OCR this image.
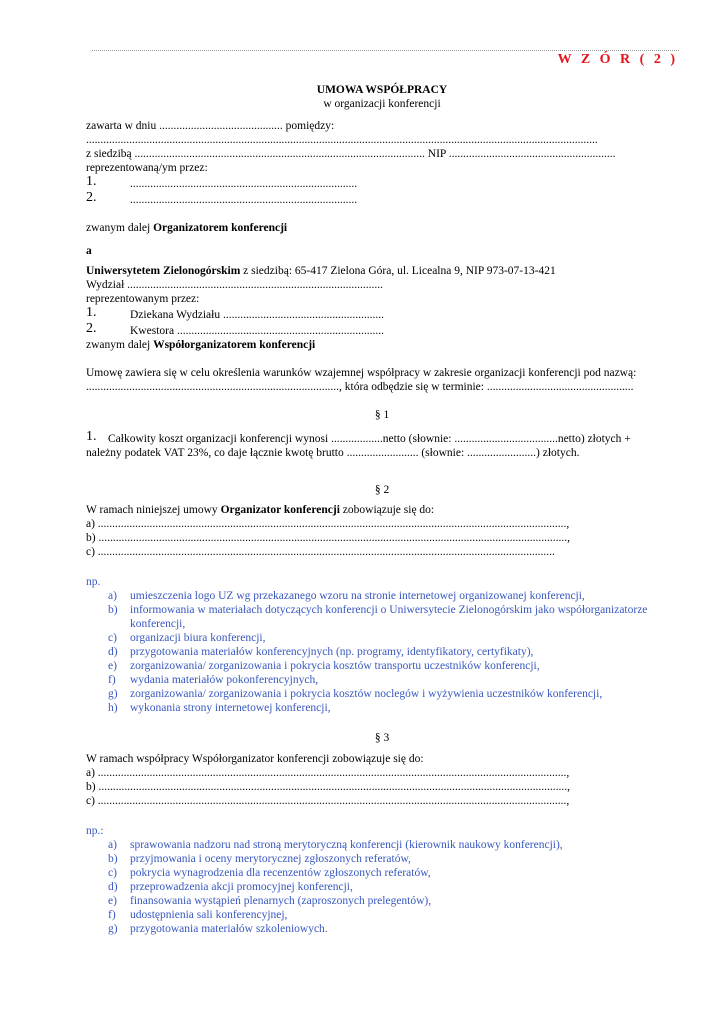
W Z Ó R ( 2 )
UMOWA WSPÓŁPRACY
w organizacji konferencji
zawarta w dniu ........................................... pomiędzy:
..................................................................................................................................................................................
z siedzibą ..................................................................................................... NIP ..........................................................
reprezentowaną/ym przez:
1.	...............................................................................
2.	...............................................................................
zwanym dalej Organizatorem konferencji
a
Uniwersytetem Zielonogórskim z siedzibą: 65-417 Zielona Góra, ul. Licealna 9, NIP 973-07-13-421
Wydział .........................................................................................
reprezentowanym przez:
1.	Dziekana Wydziału ........................................................
2.	Kwestora ........................................................................
zwanym dalej Współorganizatorem konferencji
Umowę zawiera się w celu określenia warunków wzajemnej współpracy w zakresie organizacji konferencji pod nazwą:
........................................................................................, która odbędzie się w terminie: ...................................................
§ 1
1. Całkowity koszt organizacji konferencji wynosi ..................netto (słownie: ....................................netto) złotych +
należny podatek VAT 23%, co daje łącznie kwotę brutto ......................... (słownie: ........................) złotych.
§ 2
W ramach niniejszej umowy Organizator konferencji zobowiązuje się do:
a) ...................................................................................................................................................................,
b) ...................................................................................................................................................................,
c) ...............................................................................................................................................................
np.
a) umieszczenia logo UZ wg przekazanego wzoru na stronie internetowej organizowanej konferencji,
b) informowania w materiałach dotyczących konferencji o Uniwersytecie Zielonogórskim jako współorganizatorze konferencji,
c) organizacji biura konferencji,
d) przygotowania materiałów konferencyjnych (np. programy, identyfikatory, certyfikaty),
e) zorganizowania/ zorganizowania i pokrycia kosztów transportu uczestników konferencji,
f) wydania materiałów pokonferencyjnych,
g) zorganizowania/ zorganizowania i pokrycia kosztów noclegów i wyżywienia uczestników konferencji,
h) wykonania strony internetowej konferencji,
§ 3
W ramach współpracy Współorganizator konferencji zobowiązuje się do:
a) ...................................................................................................................................................................,
b) ...................................................................................................................................................................,
c) ...................................................................................................................................................................,
np.:
a) sprawowania nadzoru nad stroną merytoryczną konferencji (kierownik naukowy konferencji),
b) przyjmowania i oceny merytorycznej zgłoszonych referatów,
c) pokrycia wynagrodzenia dla recenzentów zgłoszonych referatów,
d) przeprowadzenia akcji promocyjnej konferencji,
e) finansowania wystąpień plenarnych (zaproszonych prelegentów),
f) udostępnienia sali konferencyjnej,
g) przygotowania materiałów szkoleniowych.
